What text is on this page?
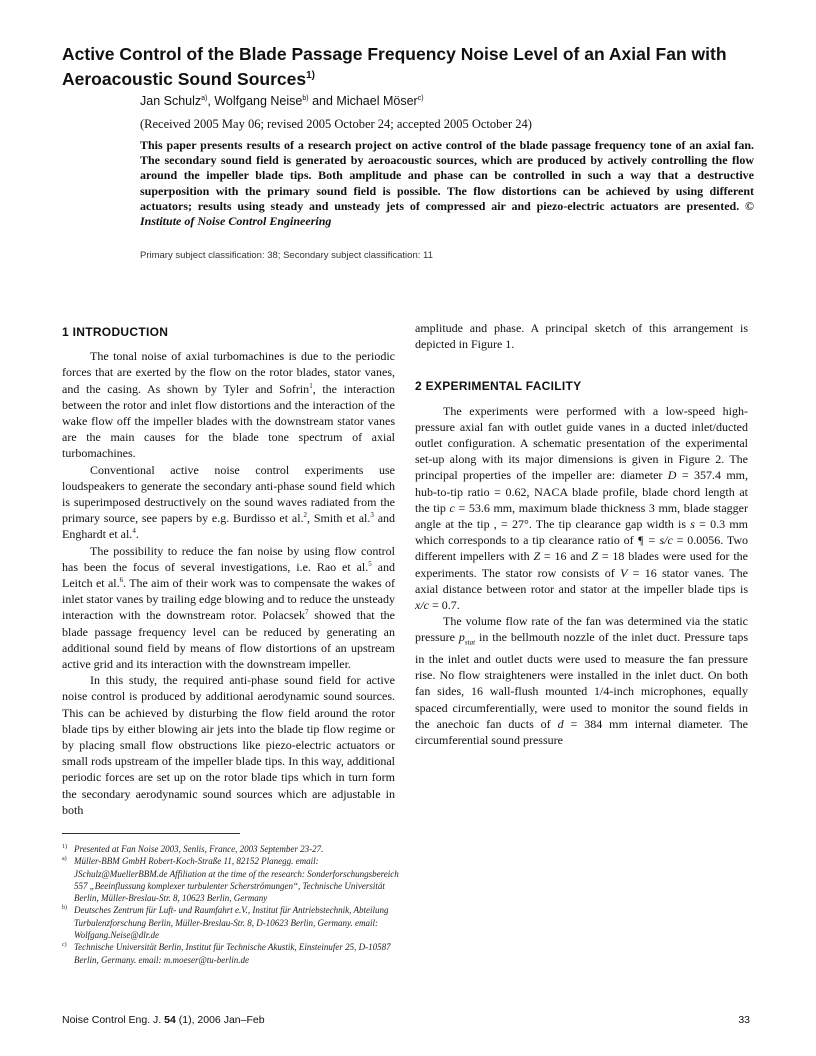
Active Control of the Blade Passage Frequency Noise Level of an Axial Fan with Aeroacoustic Sound Sources$^{1)}$
Jan Schulz$^{a)}$, Wolfgang Neise$^{b)}$ and Michael Möser$^{c)}$
(Received 2005 May 06; revised 2005 October 24; accepted 2005 October 24)
This paper presents results of a research project on active control of the blade passage frequency tone of an axial fan. The secondary sound field is generated by aeroacoustic sources, which are produced by actively controlling the flow around the impeller blade tips. Both amplitude and phase can be controlled in such a way that a destructive superposition with the primary sound field is possible. The flow distortions can be achieved by using different actuators; results using steady and unsteady jets of compressed air and piezo-electric actuators are presented. © Institute of Noise Control Engineering
Primary subject classification: 38; Secondary subject classification: 11
1 INTRODUCTION

The tonal noise of axial turbomachines is due to the periodic forces that are exerted by the flow on the rotor blades, stator vanes, and the casing. As shown by Tyler and Sofrin$^1$, the interaction between the rotor and inlet flow distortions and the interaction of the wake flow off the impeller blades with the downstream stator vanes are the main causes for the blade tone spectrum of axial turbomachines.

Conventional active noise control experiments use loudspeakers to generate the secondary anti-phase sound field which is superimposed destructively on the sound waves radiated from the primary source, see papers by e.g. Burdisso et al.$^2$, Smith et al.$^3$ and Enghardt et al.$^4$.

The possibility to reduce the fan noise by using flow control has been the focus of several investigations, i.e. Rao et al.$^5$ and Leitch et al.$^6$. The aim of their work was to compensate the wakes of inlet stator vanes by trailing edge blowing and to reduce the unsteady interaction with the downstream rotor. Polacsek$^7$ showed that the blade passage frequency level can be reduced by generating an additional sound field by means of flow distortions of an upstream active grid and its interaction with the downstream impeller.

In this study, the required anti-phase sound field for active noise control is produced by additional aerodynamic sound sources. This can be achieved by disturbing the flow field around the rotor blade tips by either blowing air jets into the blade tip flow regime or by placing small flow obstructions like piezo-electric actuators or small rods upstream of the impeller blade tips. In this way, additional periodic forces are set up on the rotor blade tips which in turn form the secondary aerodynamic sound sources which are adjustable in both

amplitude and phase. A principal sketch of this arrangement is depicted in Figure 1.

2 EXPERIMENTAL FACILITY

The experiments were performed with a low-speed high-pressure axial fan with outlet guide vanes in a ducted inlet/ducted outlet configuration. A schematic presentation of the experimental set-up along with its major dimensions is given in Figure 2. The principal properties of the impeller are: diameter D = 357.4 mm, hub-to-tip ratio = 0.62, NACA blade profile, blade chord length at the tip c = 53.6 mm, maximum blade thickness 3 mm, blade stagger angle at the tip , = 27°. The tip clearance gap width is s = 0.3 mm which corresponds to a tip clearance ratio of ¶ = s/c = 0.0056. Two different impellers with Z = 16 and Z = 18 blades were used for the experiments. The stator row consists of V = 16 stator vanes. The axial distance between rotor and stator at the impeller blade tips is x/c = 0.7.

The volume flow rate of the fan was determined via the static pressure $p_{stat}$ in the bellmouth nozzle of the inlet duct. Pressure taps in the inlet and outlet ducts were used to measure the fan pressure rise. No flow straighteners were installed in the inlet duct. On both fan sides, 16 wall-flush mounted 1/4-inch microphones, equally spaced circumferentially, were used to monitor the sound fields in the anechoic fan ducts of d = 384 mm internal diameter. The circumferential sound pressure

1) Presented at Fan Noise 2003, Senlis, France, 2003 September 23-27.
a) Müller-BBM GmbH Robert-Koch-Straße 11, 82152 Planegg. email: JSchulz@MuellerBBM.de Affiliation at the time of the research: Sonderforschungsbereich 557 „Beeinflussung komplexer turbulenter Scherströmungen“, Technische Universität Berlin, Müller-Breslau-Str. 8, 10623 Berlin, Germany
b) Deutsches Zentrum für Luft- und Raumfahrt e.V., Institut für Antriebstechnik, Abteilung Turbulenzforschung Berlin, Müller-Breslau-Str. 8, D-10623 Berlin, Germany. email: Wolfgang.Neise@dlr.de
c) Technische Universität Berlin, Institut für Technische Akustik, Einsteinufer 25, D-10587 Berlin, Germany. email: m.moeser@tu-berlin.de
Noise Control Eng. J. 54 (1), 2006 Jan–Feb	33
